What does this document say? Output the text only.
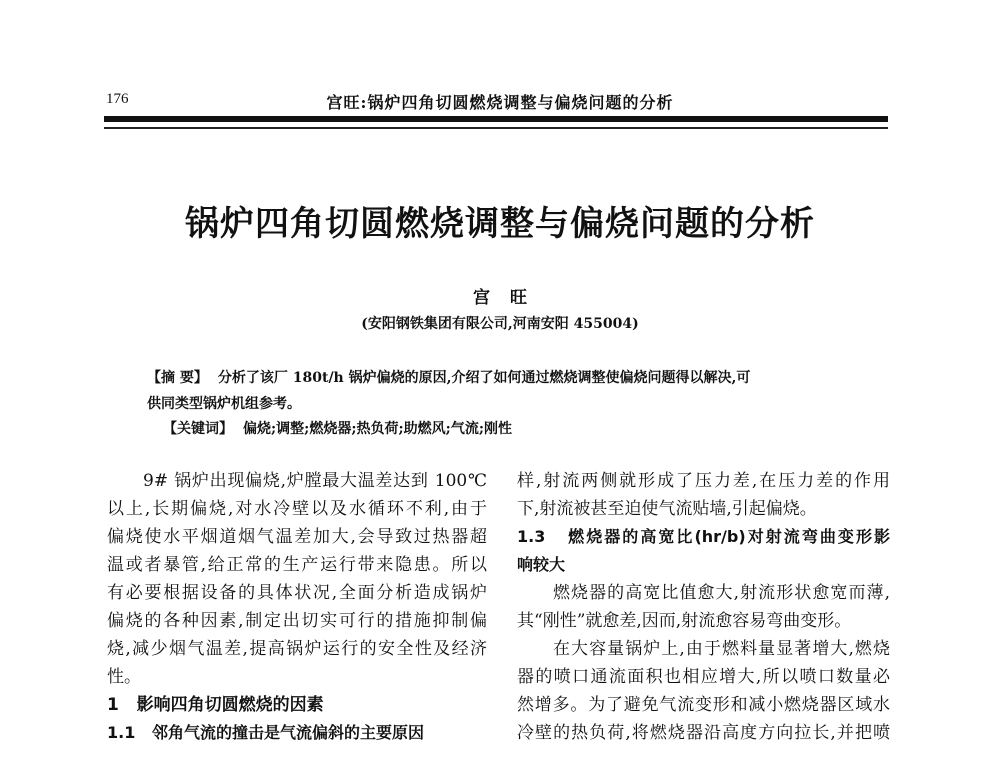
176	宫旺:锅炉四角切圆燃烧调整与偏烧问题的分析
锅炉四角切圆燃烧调整与偏烧问题的分析
宫 旺
(安阳钢铁集团有限公司,河南安阳 455004)
【摘 要】 分析了该厂 180t/h 锅炉偏烧的原因,介绍了如何通过燃烧调整使偏烧问题得以解决,可
供同类型锅炉机组参考。
【关键词】 偏烧;调整;燃烧器;热负荷;助燃风;气流;刚性
9# 锅炉出现偏烧,炉膛最大温差达到 100℃
以上,长期偏烧,对水冷壁以及水循环不利,由于
偏烧使水平烟道烟气温差加大,会导致过热器超
温或者暴管,给正常的生产运行带来隐患。所以
有必要根据设备的具体状况,全面分析造成锅炉
偏烧的各种因素,制定出切实可行的措施抑制偏
烧,减少烟气温差,提高锅炉运行的安全性及经济
性。
1   影响四角切圆燃烧的因素
1.1   邻角气流的撞击是气流偏斜的主要原因
样,射流两侧就形成了压力差,在压力差的作用
下,射流被甚至迫使气流贴墙,引起偏烧。
1.3   燃烧器的高宽比(hr/b)对射流弯曲变形影
响较大
燃烧器的高宽比值愈大,射流形状愈宽而薄,
其“刚性”就愈差,因而,射流愈容易弯曲变形。
在大容量锅炉上,由于燃料量显著增大,燃烧
器的喷口通流面积也相应增大,所以喷口数量必
然增多。为了避免气流变形和减小燃烧器区域水
冷壁的热负荷,将燃烧器沿高度方向拉长,并把喷
